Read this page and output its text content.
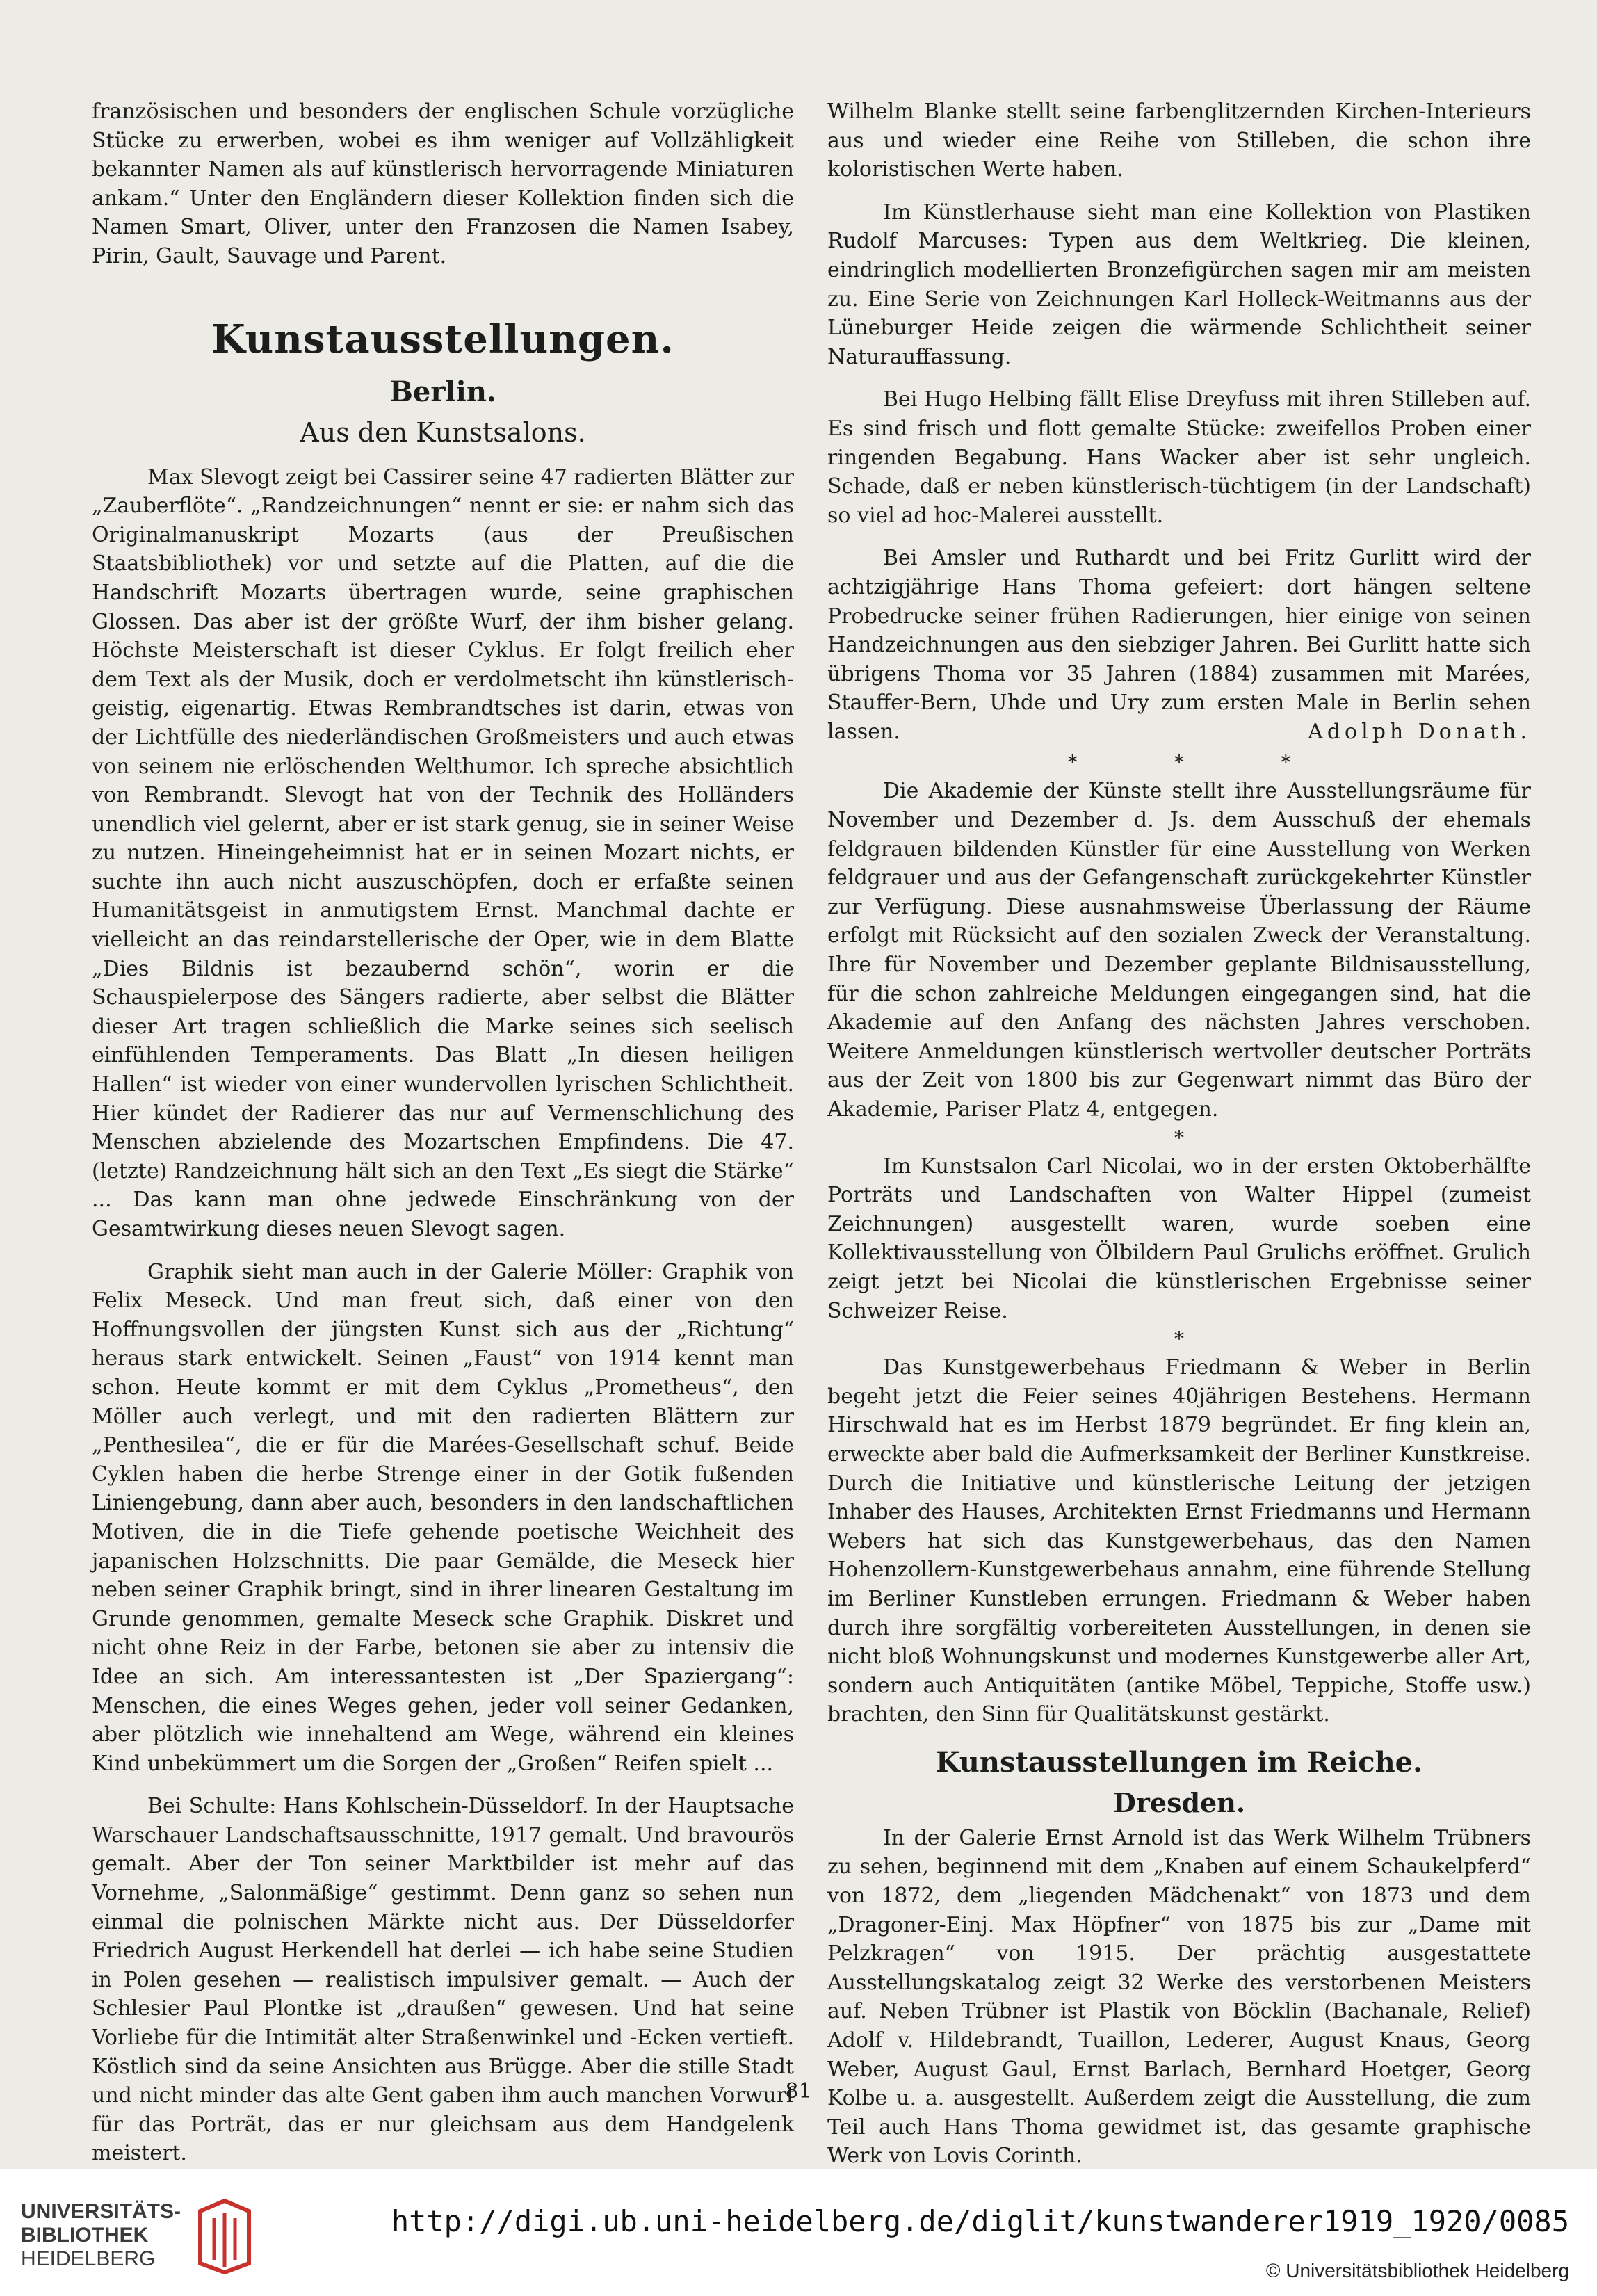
französischen und besonders der englischen Schule vorzügliche Stücke zu erwerben, wobei es ihm weniger auf Vollzähligkeit bekannter Namen als auf künstlerisch hervorragende Miniaturen ankam.“ Unter den Engländern dieser Kollektion finden sich die Namen Smart, Oliver, unter den Franzosen die Namen Isabey, Pirin, Gault, Sauvage und Parent.

Kunstausstellungen.
Berlin.
Aus den Kunstsalons.

Max Slevogt zeigt bei Cassirer seine 47 radierten Blätter zur „Zauberflöte“. „Randzeichnungen“ nennt er sie: er nahm sich das Originalmanuskript Mozarts (aus der Preußischen Staatsbibliothek) vor und setzte auf die Platten, auf die die Handschrift Mozarts übertragen wurde, seine graphischen Glossen. Das aber ist der größte Wurf, der ihm bisher gelang. Höchste Meisterschaft ist dieser Cyklus. Er folgt freilich eher dem Text als der Musik, doch er verdolmetscht ihn künstlerisch-geistig, eigenartig. Etwas Rembrandtsches ist darin, etwas von der Lichtfülle des niederländischen Großmeisters und auch etwas von seinem nie erlöschenden Welthumor. Ich spreche absichtlich von Rembrandt. Slevogt hat von der Technik des Holländers unendlich viel gelernt, aber er ist stark genug, sie in seiner Weise zu nutzen. Hineingeheimnist hat er in seinen Mozart nichts, er suchte ihn auch nicht auszuschöpfen, doch er erfaßte seinen Humanitätsgeist in anmutigstem Ernst. Manchmal dachte er vielleicht an das reindarstellerische der Oper, wie in dem Blatte „Dies Bildnis ist bezaubernd schön“, worin er die Schauspielerpose des Sängers radierte, aber selbst die Blätter dieser Art tragen schließlich die Marke seines sich seelisch einfühlenden Temperaments. Das Blatt „In diesen heiligen Hallen“ ist wieder von einer wundervollen lyrischen Schlichtheit. Hier kündet der Radierer das nur auf Vermenschlichung des Menschen abzielende des Mozartschen Empfindens. Die 47. (letzte) Randzeichnung hält sich an den Text „Es siegt die Stärke“ ... Das kann man ohne jedwede Einschränkung von der Gesamtwirkung dieses neuen Slevogt sagen.

Graphik sieht man auch in der Galerie Möller: Graphik von Felix Meseck. Und man freut sich, daß einer von den Hoffnungsvollen der jüngsten Kunst sich aus der „Richtung“ heraus stark entwickelt. Seinen „Faust“ von 1914 kennt man schon. Heute kommt er mit dem Cyklus „Prometheus“, den Möller auch verlegt, und mit den radierten Blättern zur „Penthesilea“, die er für die Marées-Gesellschaft schuf. Beide Cyklen haben die herbe Strenge einer in der Gotik fußenden Liniengebung, dann aber auch, besonders in den landschaftlichen Motiven, die in die Tiefe gehende poetische Weichheit des japanischen Holzschnitts. Die paar Gemälde, die Meseck hier neben seiner Graphik bringt, sind in ihrer linearen Gestaltung im Grunde genommen, gemalte Meseck sche Graphik. Diskret und nicht ohne Reiz in der Farbe, betonen sie aber zu intensiv die Idee an sich. Am interessantesten ist „Der Spaziergang“: Menschen, die eines Weges gehen, jeder voll seiner Gedanken, aber plötzlich wie innehaltend am Wege, während ein kleines Kind unbekümmert um die Sorgen der „Großen“ Reifen spielt ...

Bei Schulte: Hans Kohlschein-Düsseldorf. In der Hauptsache Warschauer Landschaftsausschnitte, 1917 gemalt. Und bravourös gemalt. Aber der Ton seiner Marktbilder ist mehr auf das Vornehme, „Salonmäßige“ gestimmt. Denn ganz so sehen nun einmal die polnischen Märkte nicht aus. Der Düsseldorfer Friedrich August Herkendell hat derlei — ich habe seine Studien in Polen gesehen — realistisch impulsiver gemalt. — Auch der Schlesier Paul Plontke ist „draußen“ gewesen. Und hat seine Vorliebe für die Intimität alter Straßenwinkel und -Ecken vertieft. Köstlich sind da seine Ansichten aus Brügge. Aber die stille Stadt und nicht minder das alte Gent gaben ihm auch manchen Vorwurf für das Porträt, das er nur gleichsam aus dem Handgelenk meistert.

Wilhelm Blanke stellt seine farbenglitzernden Kirchen-Interieurs aus und wieder eine Reihe von Stilleben, die schon ihre koloristischen Werte haben.

Im Künstlerhause sieht man eine Kollektion von Plastiken Rudolf Marcuses: Typen aus dem Weltkrieg. Die kleinen, eindringlich modellierten Bronzefigürchen sagen mir am meisten zu. Eine Serie von Zeichnungen Karl Holleck-Weitmanns aus der Lüneburger Heide zeigen die wärmende Schlichtheit seiner Naturauffassung.

Bei Hugo Helbing fällt Elise Dreyfuss mit ihren Stilleben auf. Es sind frisch und flott gemalte Stücke: zweifellos Proben einer ringenden Begabung. Hans Wacker aber ist sehr ungleich. Schade, daß er neben künstlerisch-tüchtigem (in der Landschaft) so viel ad hoc-Malerei ausstellt.

Bei Amsler und Ruthardt und bei Fritz Gurlitt wird der achtzigjährige Hans Thoma gefeiert: dort hängen seltene Probedrucke seiner frühen Radierungen, hier einige von seinen Handzeichnungen aus den siebziger Jahren. Bei Gurlitt hatte sich übrigens Thoma vor 35 Jahren (1884) zusammen mit Marées, Stauffer-Bern, Uhde und Ury zum ersten Male in Berlin sehen lassen.	Adolph Donath.

*	*	*

Die Akademie der Künste stellt ihre Ausstellungsräume für November und Dezember d. Js. dem Ausschuß der ehemals feldgrauen bildenden Künstler für eine Ausstellung von Werken feldgrauer und aus der Gefangenschaft zurückgekehrter Künstler zur Verfügung. Diese ausnahmsweise Überlassung der Räume erfolgt mit Rücksicht auf den sozialen Zweck der Veranstaltung. Ihre für November und Dezember geplante Bildnisausstellung, für die schon zahlreiche Meldungen eingegangen sind, hat die Akademie auf den Anfang des nächsten Jahres verschoben. Weitere Anmeldungen künstlerisch wertvoller deutscher Porträts aus der Zeit von 1800 bis zur Gegenwart nimmt das Büro der Akademie, Pariser Platz 4, entgegen.

*

Im Kunstsalon Carl Nicolai, wo in der ersten Oktoberhälfte Porträts und Landschaften von Walter Hippel (zumeist Zeichnungen) ausgestellt waren, wurde soeben eine Kollektivausstellung von Ölbildern Paul Grulichs eröffnet. Grulich zeigt jetzt bei Nicolai die künstlerischen Ergebnisse seiner Schweizer Reise.

*

Das Kunstgewerbehaus Friedmann & Weber in Berlin begeht jetzt die Feier seines 40jährigen Bestehens. Hermann Hirschwald hat es im Herbst 1879 begründet. Er fing klein an, erweckte aber bald die Aufmerksamkeit der Berliner Kunstkreise. Durch die Initiative und künstlerische Leitung der jetzigen Inhaber des Hauses, Architekten Ernst Friedmanns und Hermann Webers hat sich das Kunstgewerbehaus, das den Namen Hohenzollern-Kunstgewerbehaus annahm, eine führende Stellung im Berliner Kunstleben errungen. Friedmann & Weber haben durch ihre sorgfältig vorbereiteten Ausstellungen, in denen sie nicht bloß Wohnungskunst und modernes Kunstgewerbe aller Art, sondern auch Antiquitäten (antike Möbel, Teppiche, Stoffe usw.) brachten, den Sinn für Qualitätskunst gestärkt.

Kunstausstellungen im Reiche.
Dresden.

In der Galerie Ernst Arnold ist das Werk Wilhelm Trübners zu sehen, beginnend mit dem „Knaben auf einem Schaukelpferd“ von 1872, dem „liegenden Mädchenakt“ von 1873 und dem „Dragoner-Einj. Max Höpfner“ von 1875 bis zur „Dame mit Pelzkragen“ von 1915. Der prächtig ausgestattete Ausstellungskatalog zeigt 32 Werke des verstorbenen Meisters auf. Neben Trübner ist Plastik von Böcklin (Bachanale, Relief) Adolf v. Hildebrandt, Tuaillon, Lederer, August Knaus, Georg Weber, August Gaul, Ernst Barlach, Bernhard Hoetger, Georg Kolbe u. a. ausgestellt. Außerdem zeigt die Ausstellung, die zum Teil auch Hans Thoma gewidmet ist, das gesamte graphische Werk von Lovis Corinth.

81
UNIVERSITÄTS-
BIBLIOTHEK
HEIDELBERG
http://digi.ub.uni-heidelberg.de/diglit/kunstwanderer1919_1920/0085
© Universitätsbibliothek Heidelberg
